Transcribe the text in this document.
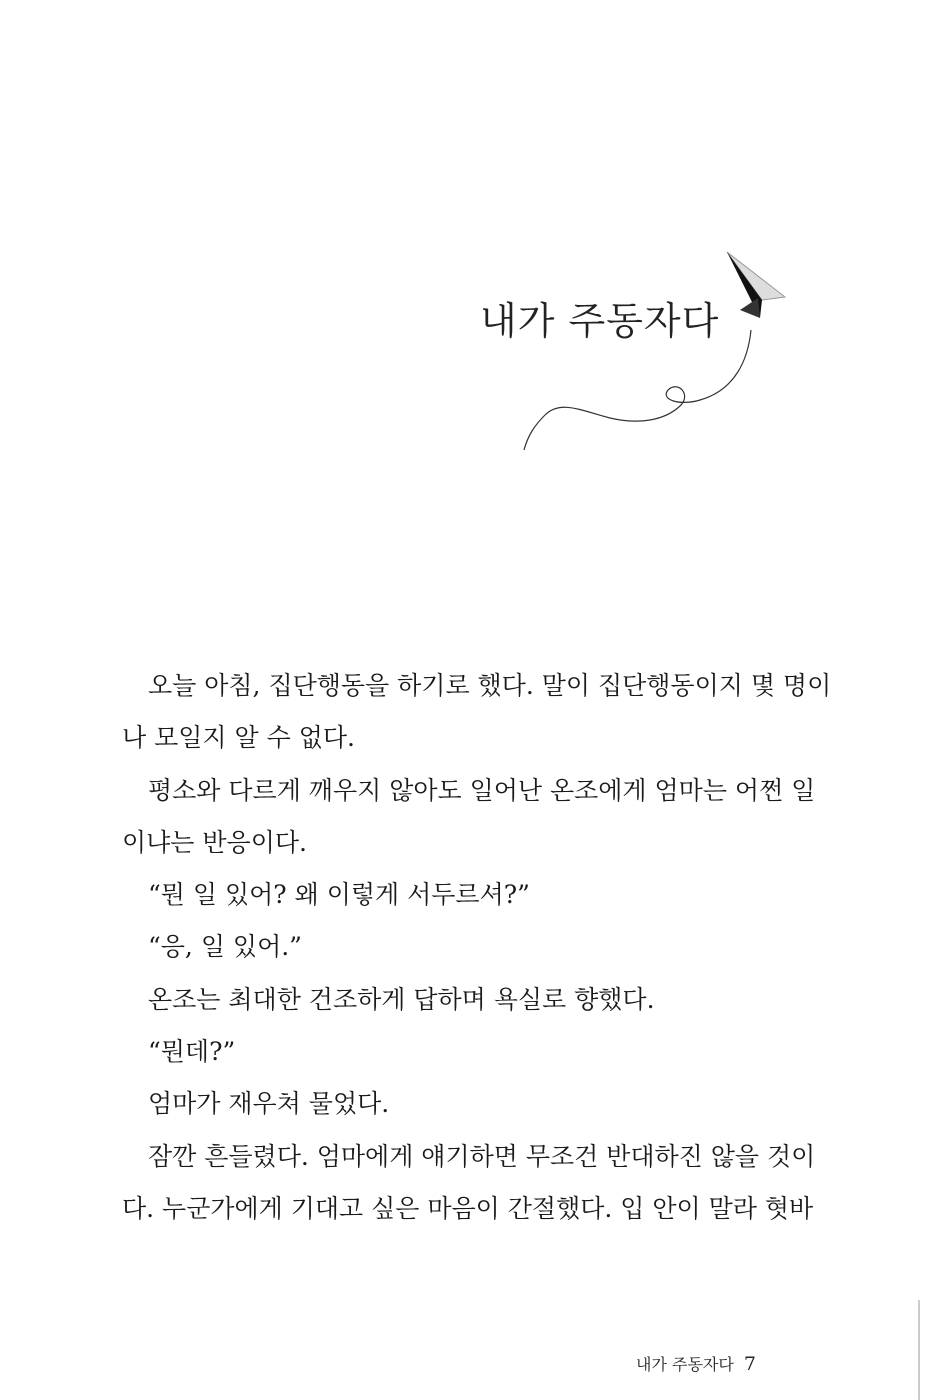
내가 주동자다
오늘 아침, 집단행동을 하기로 했다. 말이 집단행동이지 몇 명이
나 모일지 알 수 없다.
평소와 다르게 깨우지 않아도 일어난 온조에게 엄마는 어쩐 일
이냐는 반응이다.
“뭔 일 있어? 왜 이렇게 서두르셔?”
“응, 일 있어.”
온조는 최대한 건조하게 답하며 욕실로 향했다.
“뭔데?”
엄마가 재우쳐 물었다.
잠깐 흔들렸다. 엄마에게 얘기하면 무조건 반대하진 않을 것이
다. 누군가에게 기대고 싶은 마음이 간절했다. 입 안이 말라 혓바
내가 주동자다 7
